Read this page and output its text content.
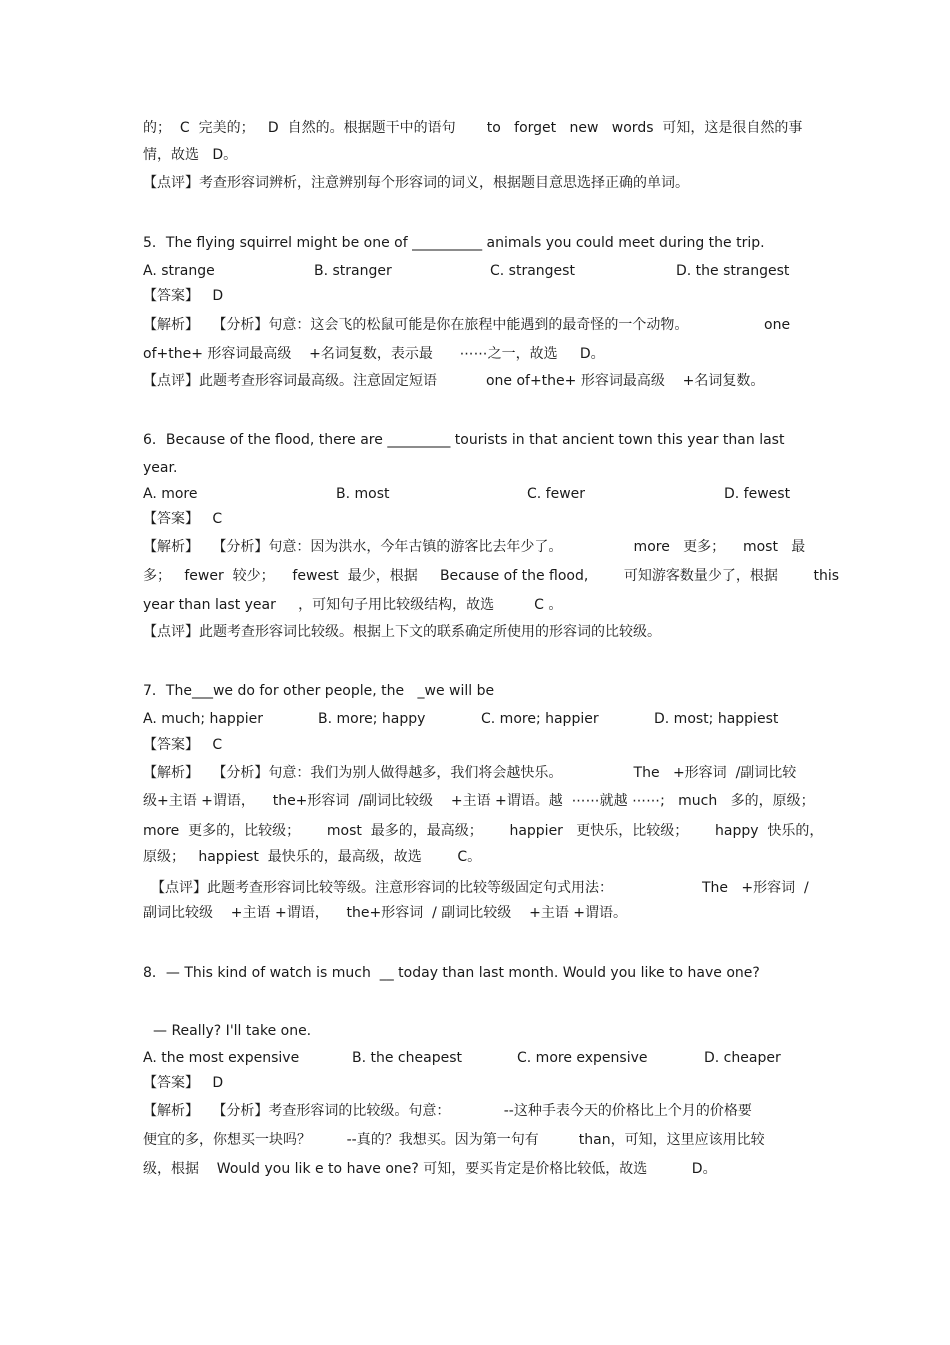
的；  C  完美的；   D  自然的。根据题干中的语句       to   forget   new   words  可知，这是很自然的事
情，故选   D。
【点评】考查形容词辨析，注意辨别每个形容词的词义，根据题目意思选择正确的单词。
5．The flying squirrel might be one of __________ animals you could meet during the trip.
A. strange	B. stranger	C. strangest	D. the strangest
【答案】   D
【解析】   【分析】句意：这会飞的松鼠可能是你在旅程中能遇到的最奇怪的一个动物。                 one
of+the+ 形容词最高级    +名词复数，表示最      ⋯⋯之一，故选     D。
【点评】此题考查形容词最高级。注意固定短语           one of+the+ 形容词最高级    +名词复数。
6．Because of the flood, there are _________ tourists in that ancient town this year than last
year.
A. more	B. most	C. fewer	D. fewest
【答案】   C
【解析】   【分析】句意：因为洪水，今年古镇的游客比去年少了。                more   更多；    most   最
多；   fewer  较少；    fewest  最少，根据     Because of the flood,        可知游客数量少了，根据        this
year than last year     ，可知句子用比较级结构，故选         C 。
【点评】此题考查形容词比较级。根据上下文的联系确定所使用的形容词的比较级。
7．The___we do for other people, the   _we will be
A. much; happier	B. more; happy	C. more; happier	D. most; happiest
【答案】   C
【解析】   【分析】句意：我们为别人做得越多，我们将会越快乐。                The   +形容词  /副词比较
级+主语 +谓语，    the+形容词  /副词比较级    +主语 +谓语。越  ⋯⋯就越 ⋯⋯;   much   多的，原级；
more  更多的，比较级；      most  最多的，最高级；      happier   更快乐，比较级；      happy  快乐的，
原级；   happiest  最快乐的，最高级，故选        C。
【点评】此题考查形容词比较等级。注意形容词的比较等级固定句式用法：                    The   +形容词  /
副词比较级    +主语 +谓语，    the+形容词  / 副词比较级    +主语 +谓语。
8．— This kind of watch is much  __ today than last month. Would you like to have one?
— Really? I'll take one.
A. the most expensive	B. the cheapest	C. more expensive	D. cheaper
【答案】   D
【解析】   【分析】考查形容词的比较级。句意：            --这种手表今天的价格比上个月的价格要
便宜的多，你想买一块吗？        --真的？我想买。因为第一句有         than，可知，这里应该用比较
级，根据    Would you lik e to have one? 可知，要买肯定是价格比较低，故选          D。
